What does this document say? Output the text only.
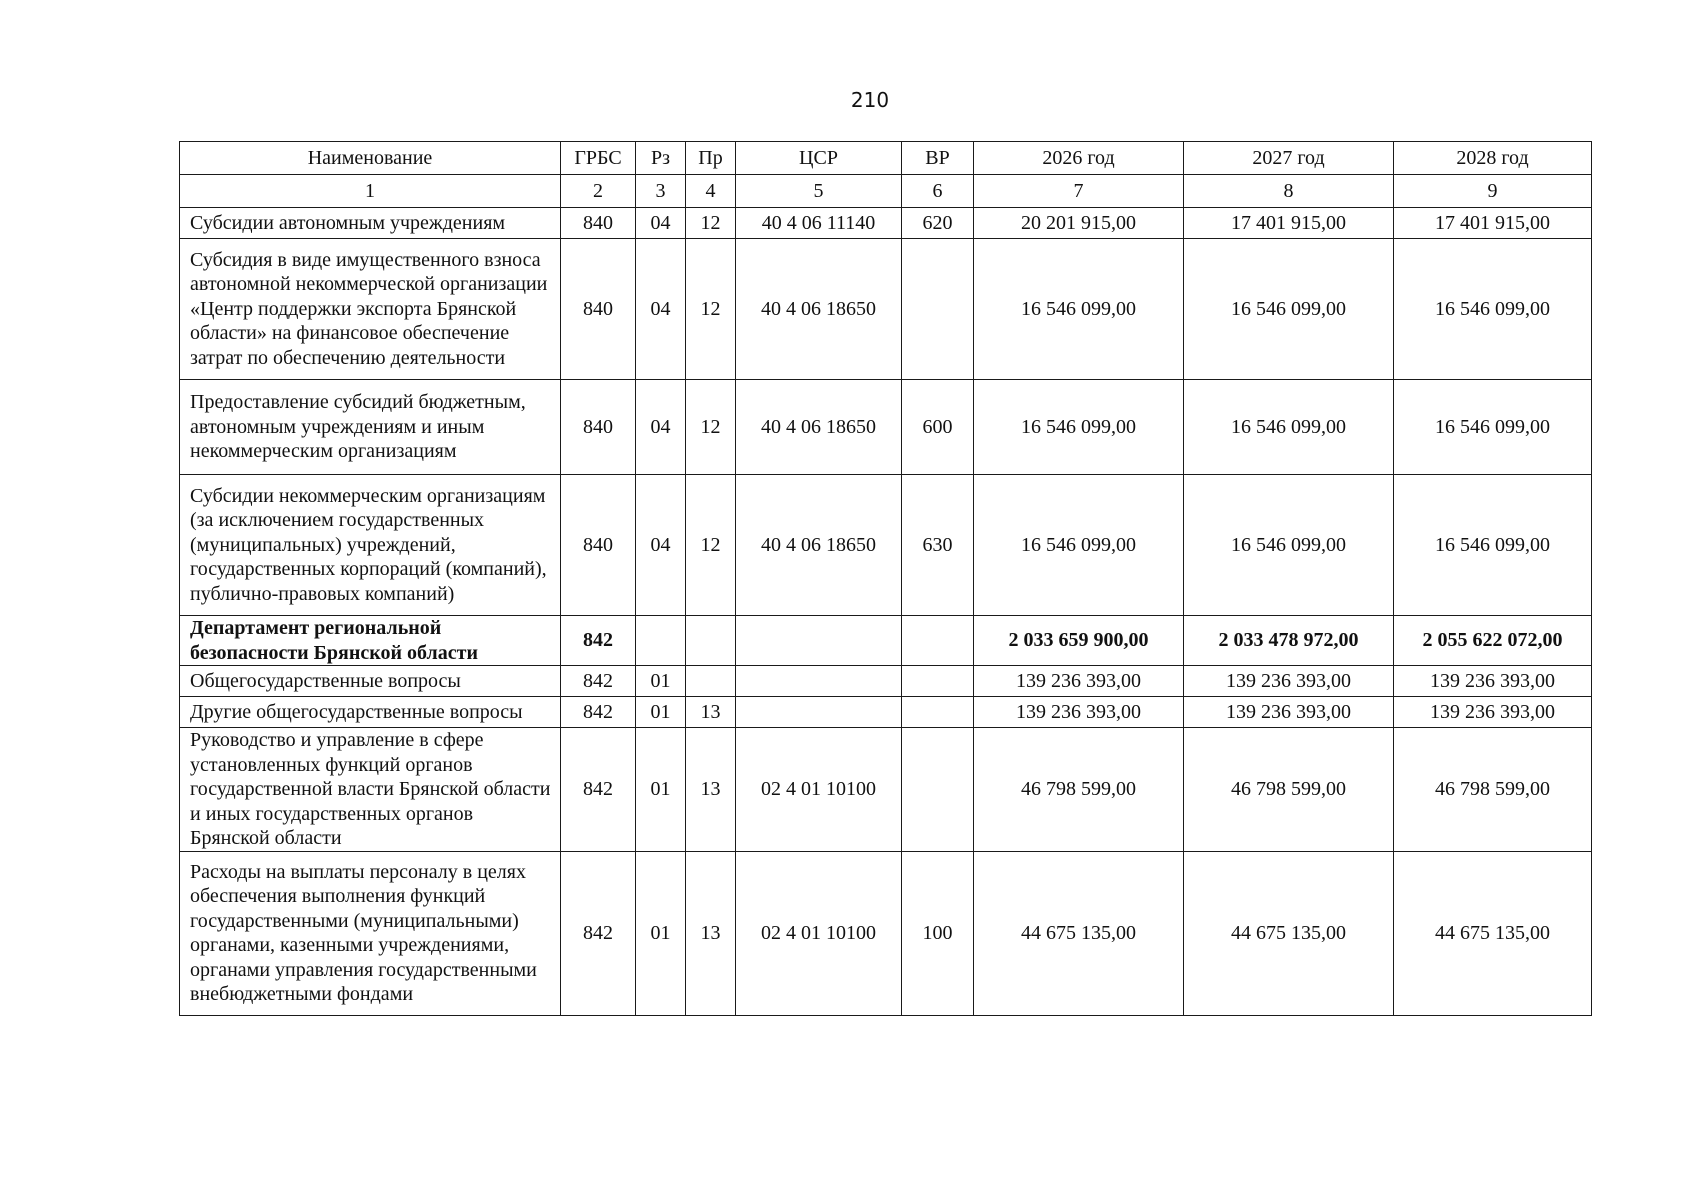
210
Наименование	ГРБС	Рз	Пр	ЦСР	ВР	2026 год	2027 год	2028 год
1	2	3	4	5	6	7	8	9
Субсидии автономным учреждениям	840	04	12	40 4 06 11140	620	20 201 915,00	17 401 915,00	17 401 915,00
Субсидия в виде имущественного взноса автономной некоммерческой организации «Центр поддержки экспорта Брянской области» на финансовое обеспечение затрат по обеспечению деятельности	840	04	12	40 4 06 18650		16 546 099,00	16 546 099,00	16 546 099,00
Предоставление субсидий бюджетным, автономным учреждениям и иным некоммерческим организациям	840	04	12	40 4 06 18650	600	16 546 099,00	16 546 099,00	16 546 099,00
Субсидии некоммерческим организациям (за исключением государственных (муниципальных) учреждений, государственных корпораций (компаний), публично-правовых компаний)	840	04	12	40 4 06 18650	630	16 546 099,00	16 546 099,00	16 546 099,00
Департамент региональной безопасности Брянской области	842					2 033 659 900,00	2 033 478 972,00	2 055 622 072,00
Общегосударственные вопросы	842	01				139 236 393,00	139 236 393,00	139 236 393,00
Другие общегосударственные вопросы	842	01	13			139 236 393,00	139 236 393,00	139 236 393,00
Руководство и управление в сфере установленных функций органов государственной власти Брянской области и иных государственных органов Брянской области	842	01	13	02 4 01 10100		46 798 599,00	46 798 599,00	46 798 599,00
Расходы на выплаты персоналу в целях обеспечения выполнения функций государственными (муниципальными) органами, казенными учреждениями, органами управления государственными внебюджетными фондами	842	01	13	02 4 01 10100	100	44 675 135,00	44 675 135,00	44 675 135,00
